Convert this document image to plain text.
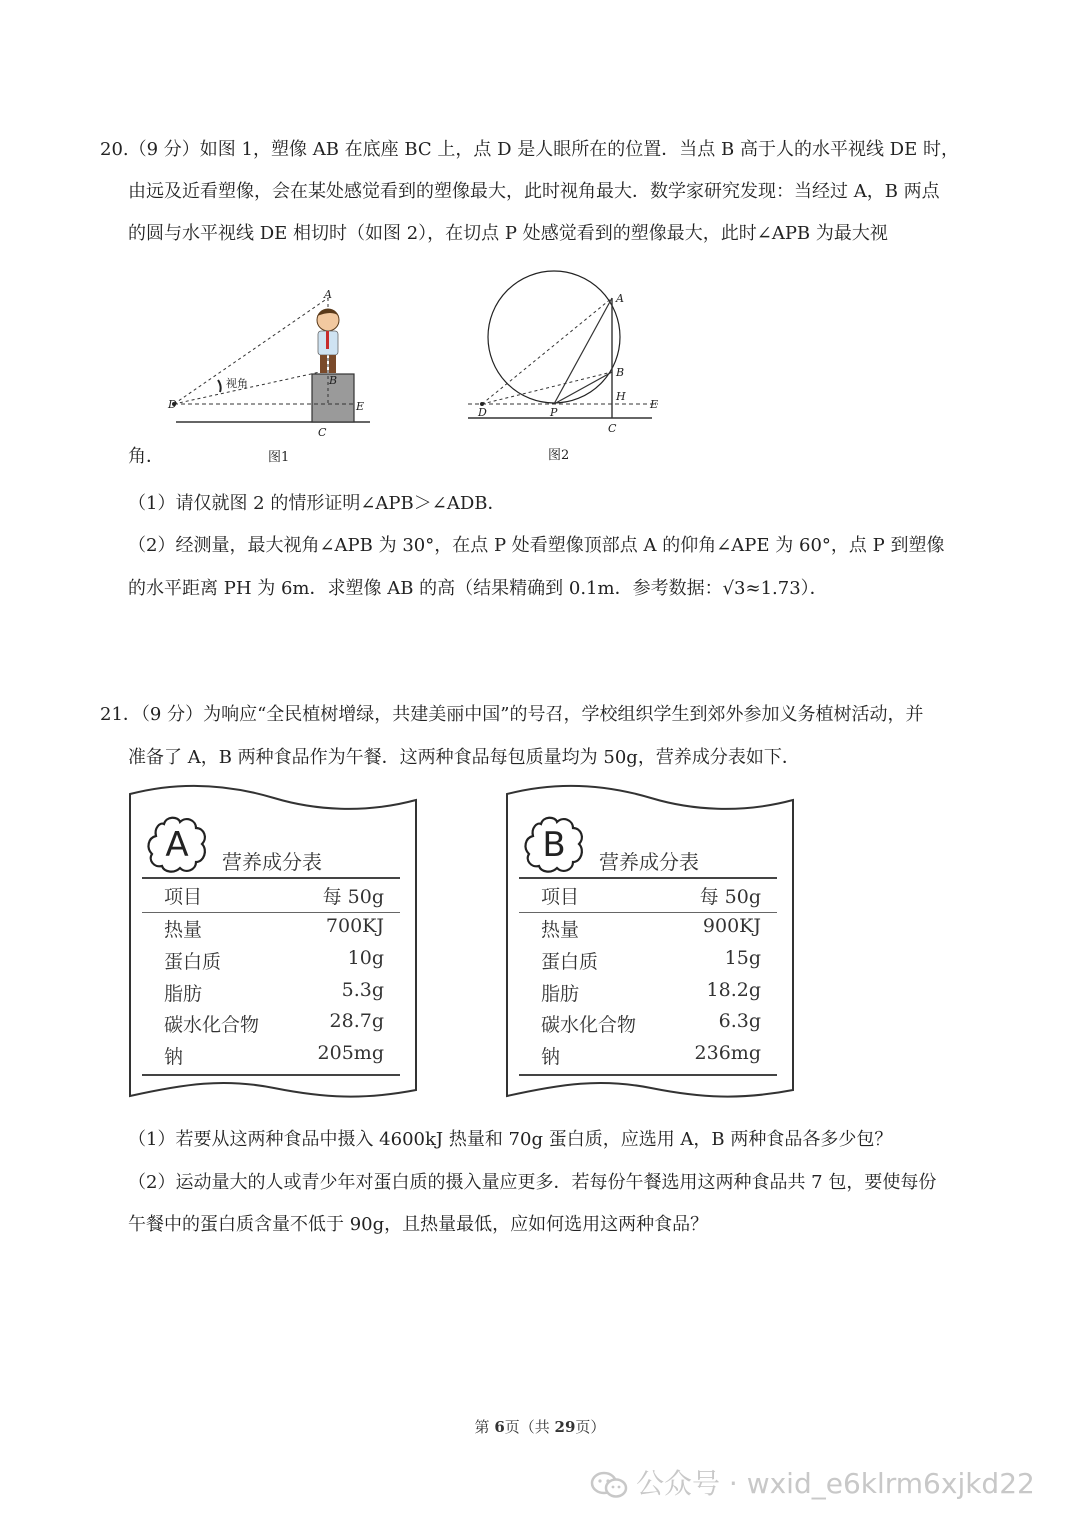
20.（9 分）如图 1，塑像 AB 在底座 BC 上，点 D 是人眼所在的位置．当点 B 高于人的水平视线 DE 时，
由远及近看塑像，会在某处感觉看到的塑像最大，此时视角最大．数学家研究发现：当经过 A，B 两点
的圆与水平视线 DE 相切时（如图 2），在切点 P 处感觉看到的塑像最大，此时∠APB 为最大视
A
B
C
D	E
视角
A
B
H
E
D	P
C
角．	图1	图2
（1）请仅就图 2 的情形证明∠APB＞∠ADB．
（2）经测量，最大视角∠APB 为 30°，在点 P 处看塑像顶部点 A 的仰角∠APE 为 60°，点 P 到塑像
的水平距离 PH 为 6m．求塑像 AB 的高（结果精确到 0.1m．参考数据：√3≈1.73）．
21．（9 分）为响应“全民植树增绿，共建美丽中国”的号召，学校组织学生到郊外参加义务植树活动，并
准备了 A，B 两种食品作为午餐．这两种食品每包质量均为 50g，营养成分表如下．
A	营养成分表
项目	每 50g
热量	700KJ
蛋白质	10g
脂肪	5.3g
碳水化合物	28.7g
钠	205mg
B	营养成分表
项目	每 50g
热量	900KJ
蛋白质	15g
脂肪	18.2g
碳水化合物	6.3g
钠	236mg
（1）若要从这两种食品中摄入 4600kJ 热量和 70g 蛋白质，应选用 A，B 两种食品各多少包？
（2）运动量大的人或青少年对蛋白质的摄入量应更多．若每份午餐选用这两种食品共 7 包，要使每份
午餐中的蛋白质含量不低于 90g，且热量最低，应如何选用这两种食品？
第 6页（共 29页）
公众号 · wxid_e6klrm6xjkd22
